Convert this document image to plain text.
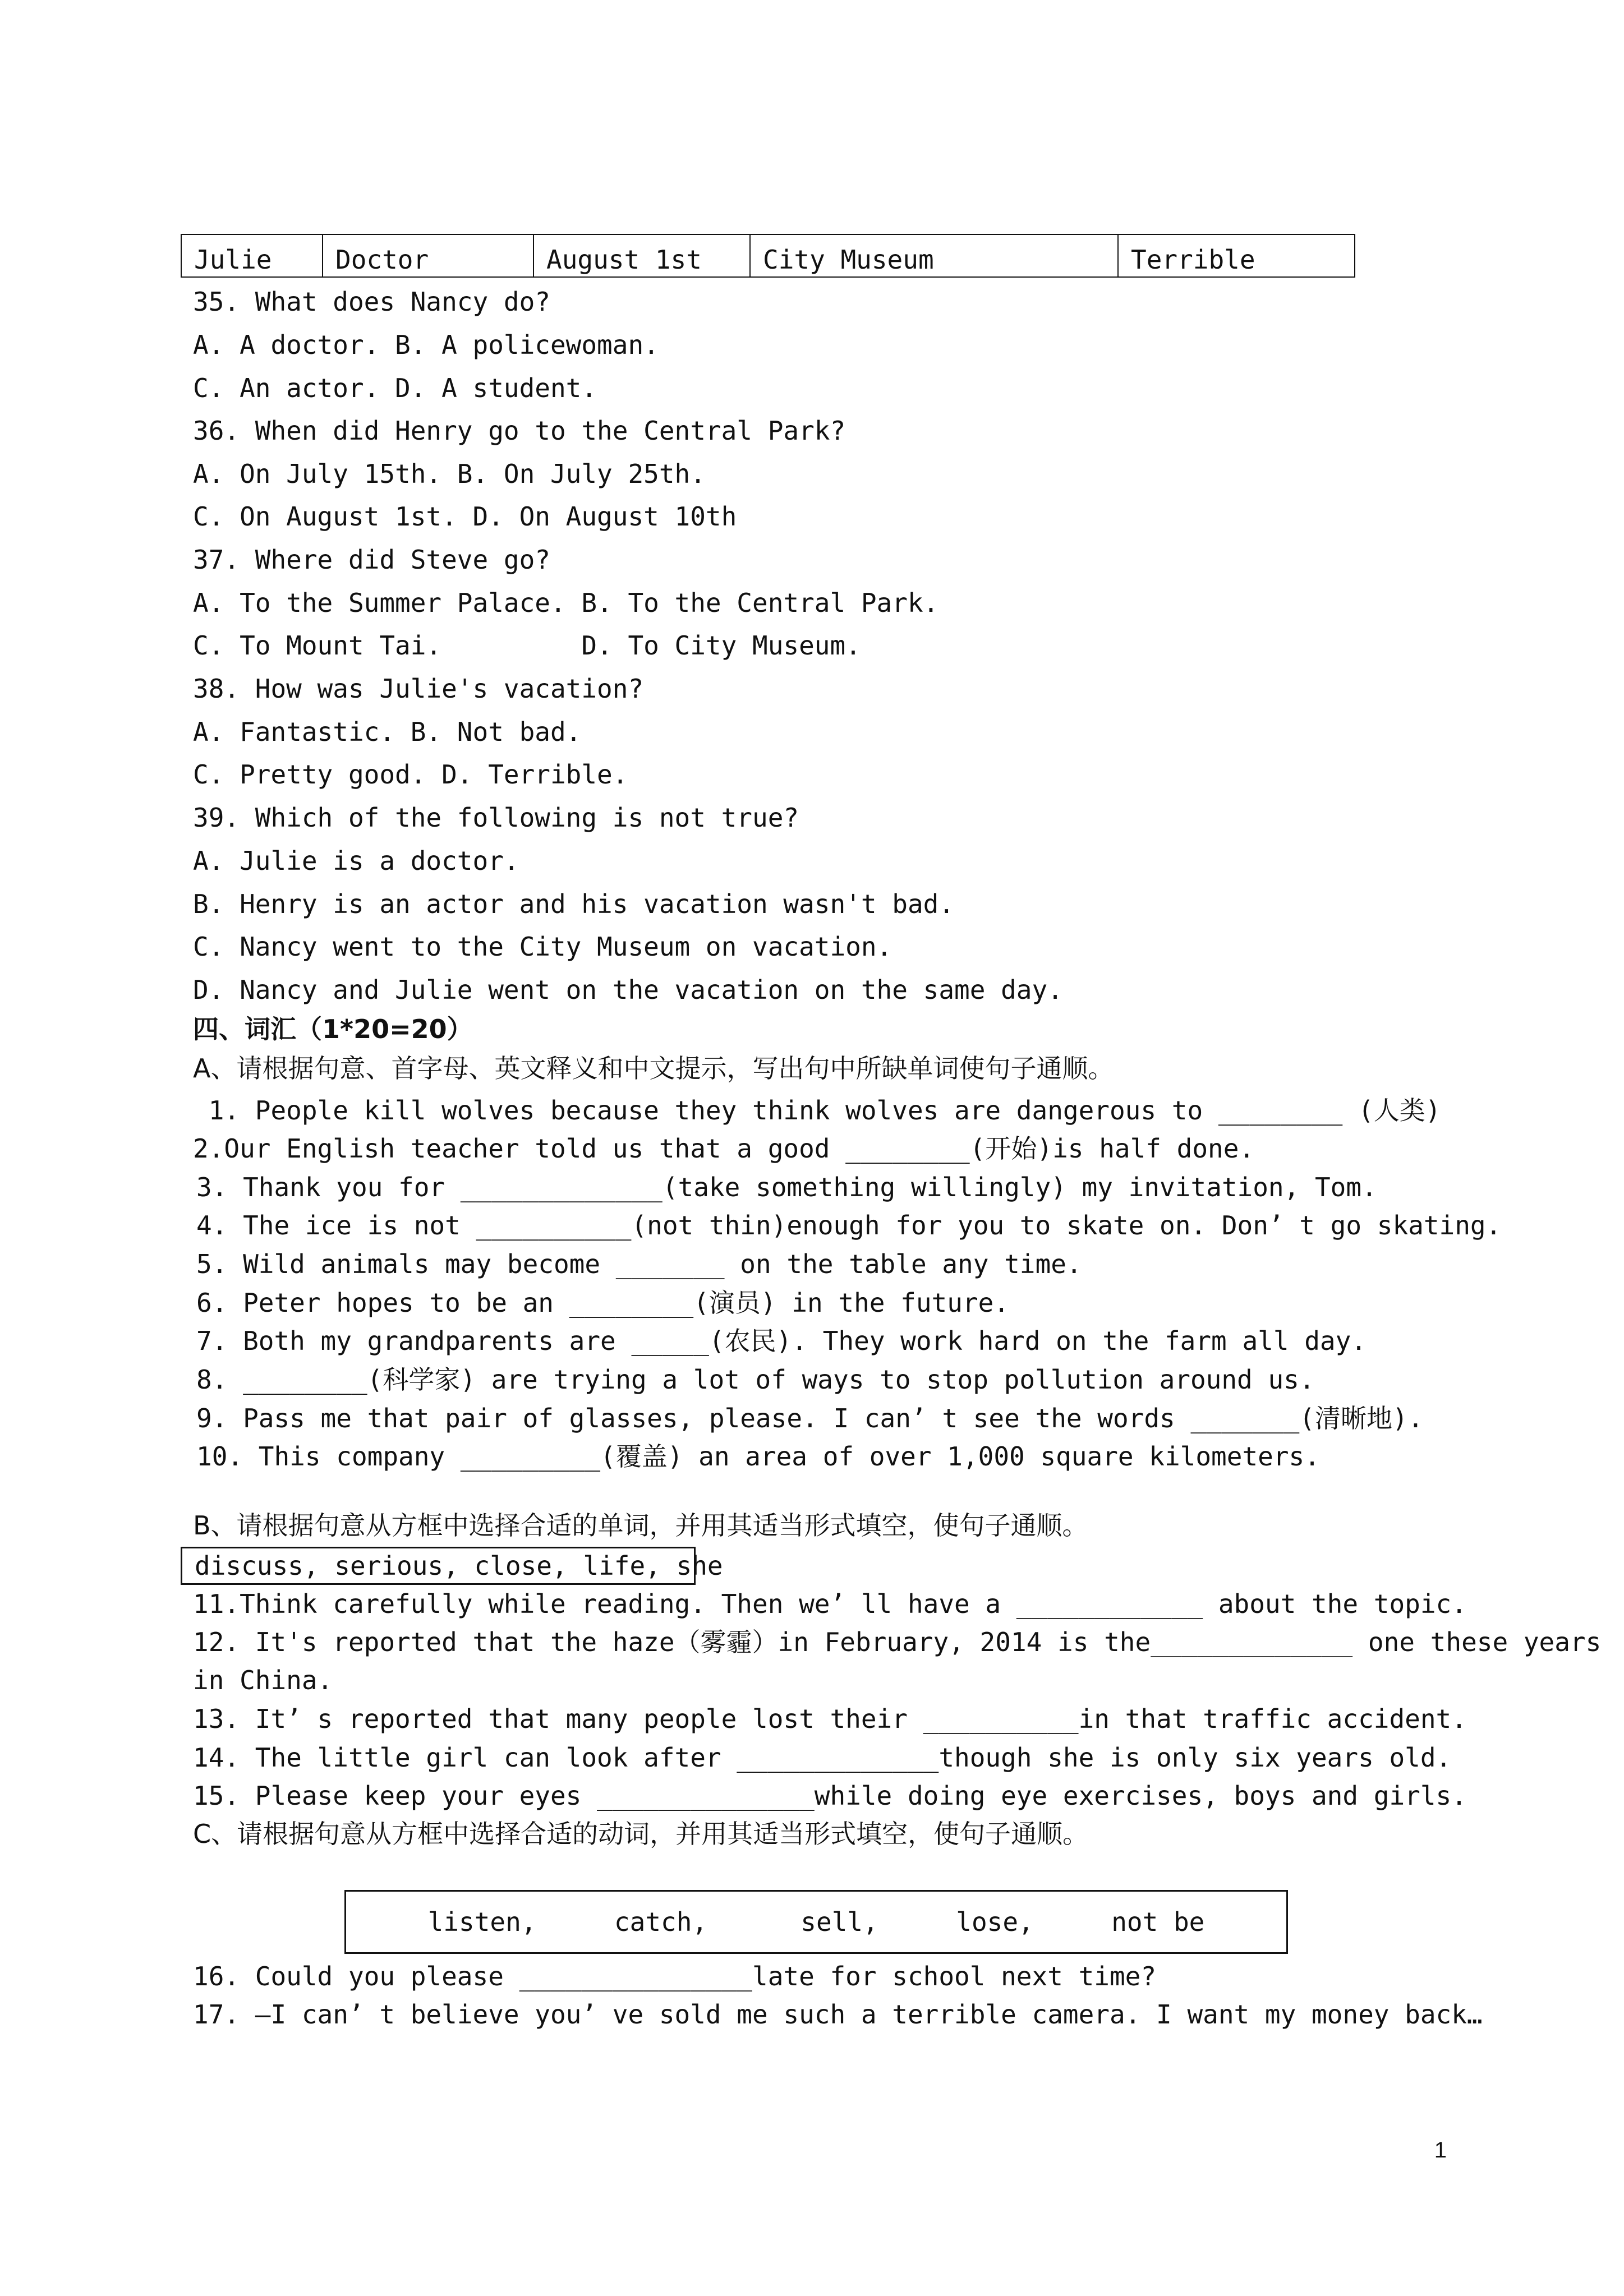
Julie	Doctor	August 1st	City Museum	Terrible
35. What does Nancy do?
A. A doctor. B. A policewoman.
C. An actor. D. A student.
36. When did Henry go to the Central Park?
A. On July 15th. B. On July 25th.
C. On August 1st. D. On August 10th
37. Where did Steve go?
A. To the Summer Palace. B. To the Central Park.
C. To Mount Tai.         D. To City Museum.
38. How was Julie's vacation?
A. Fantastic. B. Not bad.
C. Pretty good. D. Terrible.
39. Which of the following is not true?
A. Julie is a doctor.
B. Henry is an actor and his vacation wasn't bad.
C. Nancy went to the City Museum on vacation.
D. Nancy and Julie went on the vacation on the same day.
四、词汇（1*20=20）
A、请根据句意、首字母、英文释义和中文提示，写出句中所缺单词使句子通顺。
1. People kill wolves because they think wolves are dangerous to ________ (人类)
2.Our English teacher told us that a good ________(开始)is half done.
3. Thank you for _____________(take something willingly) my invitation, Tom.
4. The ice is not __________(not thin)enough for you to skate on. Don’ t go skating.
5. Wild animals may become _______ on the table any time.
6. Peter hopes to be an ________(演员) in the future.
7. Both my grandparents are _____(农民). They work hard on the farm all day.
8. ________(科学家) are trying a lot of ways to stop pollution around us.
9. Pass me that pair of glasses, please. I can’ t see the words _______(清晰地).
10. This company _________(覆盖) an area of over 1,000 square kilometers.
B、请根据句意从方框中选择合适的单词，并用其适当形式填空，使句子通顺。
discuss, serious, close, life, she
11.Think carefully while reading. Then we’ ll have a ____________ about the topic.
12. It's reported that the haze（雾霾）in February, 2014 is the_____________ one these years
in China.
13. It’ s reported that many people lost their __________in that traffic accident.
14. The little girl can look after _____________though she is only six years old.
15. Please keep your eyes ______________while doing eye exercises, boys and girls.
C、请根据句意从方框中选择合适的动词，并用其适当形式填空，使句子通顺。
listen,     catch,      sell,     lose,     not be
16. Could you please _______________late for school next time?
17. —I can’ t believe you’ ve sold me such a terrible camera. I want my money back…
1
